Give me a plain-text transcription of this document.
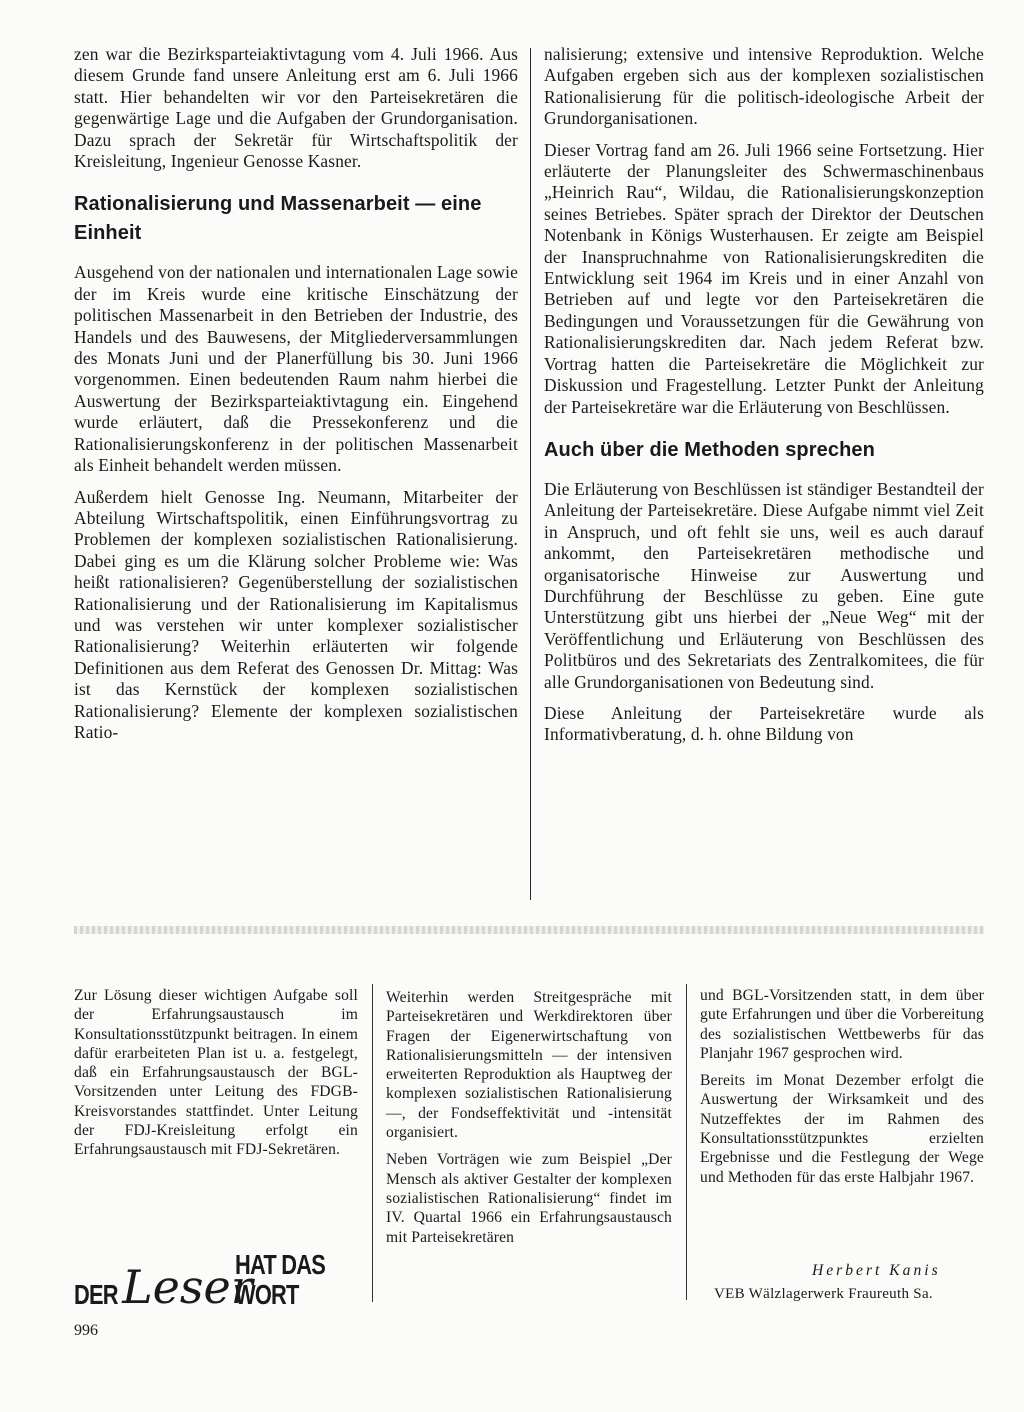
zen war die Bezirksparteiaktivtagung vom 4. Juli 1966. Aus diesem Grunde fand unsere Anleitung erst am 6. Juli 1966 statt. Hier behandelten wir vor den Parteisekretären die gegenwärtige Lage und die Aufgaben der Grundorganisation. Dazu sprach der Sekretär für Wirtschaftspolitik der Kreisleitung, Ingenieur Genosse Kasner.

Rationalisierung und Massenarbeit — eine Einheit

Ausgehend von der nationalen und internationalen Lage sowie der im Kreis wurde eine kritische Einschätzung der politischen Massenarbeit in den Betrieben der Industrie, des Handels und des Bauwesens, der Mitgliederversammlungen des Monats Juni und der Planerfüllung bis 30. Juni 1966 vorgenommen. Einen bedeutenden Raum nahm hierbei die Auswertung der Bezirksparteiaktivtagung ein. Eingehend wurde erläutert, daß die Pressekonferenz und die Rationalisierungskonferenz in der politischen Massenarbeit als Einheit behandelt werden müssen.

Außerdem hielt Genosse Ing. Neumann, Mitarbeiter der Abteilung Wirtschaftspolitik, einen Einführungsvortrag zu Problemen der komplexen sozialistischen Rationalisierung. Dabei ging es um die Klärung solcher Probleme wie: Was heißt rationalisieren? Gegenüberstellung der sozialistischen Rationalisierung und der Rationalisierung im Kapitalismus und was verstehen wir unter komplexer sozialistischer Rationalisierung? Weiterhin erläuterten wir folgende Definitionen aus dem Referat des Genossen Dr. Mittag: Was ist das Kernstück der komplexen sozialistischen Rationalisierung? Elemente der komplexen sozialistischen Ratio-

nalisierung; extensive und intensive Reproduktion. Welche Aufgaben ergeben sich aus der komplexen sozialistischen Rationalisierung für die politisch-ideologische Arbeit der Grundorganisationen.

Dieser Vortrag fand am 26. Juli 1966 seine Fortsetzung. Hier erläuterte der Planungsleiter des Schwermaschinenbaus „Heinrich Rau“, Wildau, die Rationalisierungskonzeption seines Betriebes. Später sprach der Direktor der Deutschen Notenbank in Königs Wusterhausen. Er zeigte am Beispiel der Inanspruchnahme von Rationalisierungskrediten die Entwicklung seit 1964 im Kreis und in einer Anzahl von Betrieben auf und legte vor den Parteisekretären die Bedingungen und Voraussetzungen für die Gewährung von Rationalisierungskrediten dar. Nach jedem Referat bzw. Vortrag hatten die Parteisekretäre die Möglichkeit zur Diskussion und Fragestellung. Letzter Punkt der Anleitung der Parteisekretäre war die Erläuterung von Beschlüssen.

Auch über die Methoden sprechen

Die Erläuterung von Beschlüssen ist ständiger Bestandteil der Anleitung der Parteisekretäre. Diese Aufgabe nimmt viel Zeit in Anspruch, und oft fehlt sie uns, weil es auch darauf ankommt, den Parteisekretären methodische und organisatorische Hinweise zur Auswertung und Durchführung der Beschlüsse zu geben. Eine gute Unterstützung gibt uns hierbei der „Neue Weg“ mit der Veröffentlichung und Erläuterung von Beschlüssen des Politbüros und des Sekretariats des Zentralkomitees, die für alle Grundorganisationen von Bedeutung sind.

Diese Anleitung der Parteisekretäre wurde als Informativberatung, d. h. ohne Bildung von

Zur Lösung dieser wichtigen Aufgabe soll der Erfahrungsaustausch im Konsultationsstützpunkt beitragen. In einem dafür erarbeiteten Plan ist u. a. festgelegt, daß ein Erfahrungsaustausch der BGL-Vorsitzenden unter Leitung des FDGB-Kreisvorstandes stattfindet. Unter Leitung der FDJ-Kreisleitung erfolgt ein Erfahrungsaustausch mit FDJ-Sekretären.

Weiterhin werden Streitgespräche mit Parteisekretären und Werkdirektoren über Fragen der Eigenerwirtschaftung von Rationalisierungsmitteln — der intensiven erweiterten Reproduktion als Hauptweg der komplexen sozialistischen Rationalisierung —, der Fondseffektivität und -intensität organisiert.

Neben Vorträgen wie zum Beispiel „Der Mensch als aktiver Gestalter der komplexen sozialistischen Rationalisierung“ findet im IV. Quartal 1966 ein Erfahrungsaustausch mit Parteisekretären

und BGL-Vorsitzenden statt, in dem über gute Erfahrungen und über die Vorbereitung des sozialistischen Wettbewerbs für das Planjahr 1967 gesprochen wird.

Bereits im Monat Dezember erfolgt die Auswertung der Wirksamkeit und des Nutzeffektes der im Rahmen des Konsultationsstützpunktes erzielten Ergebnisse und die Festlegung der Wege und Methoden für das erste Halbjahr 1967.

DER Leser
HAT DAS WORT
Herbert Kanis
VEB Wälzlagerwerk Fraureuth Sa.
996
